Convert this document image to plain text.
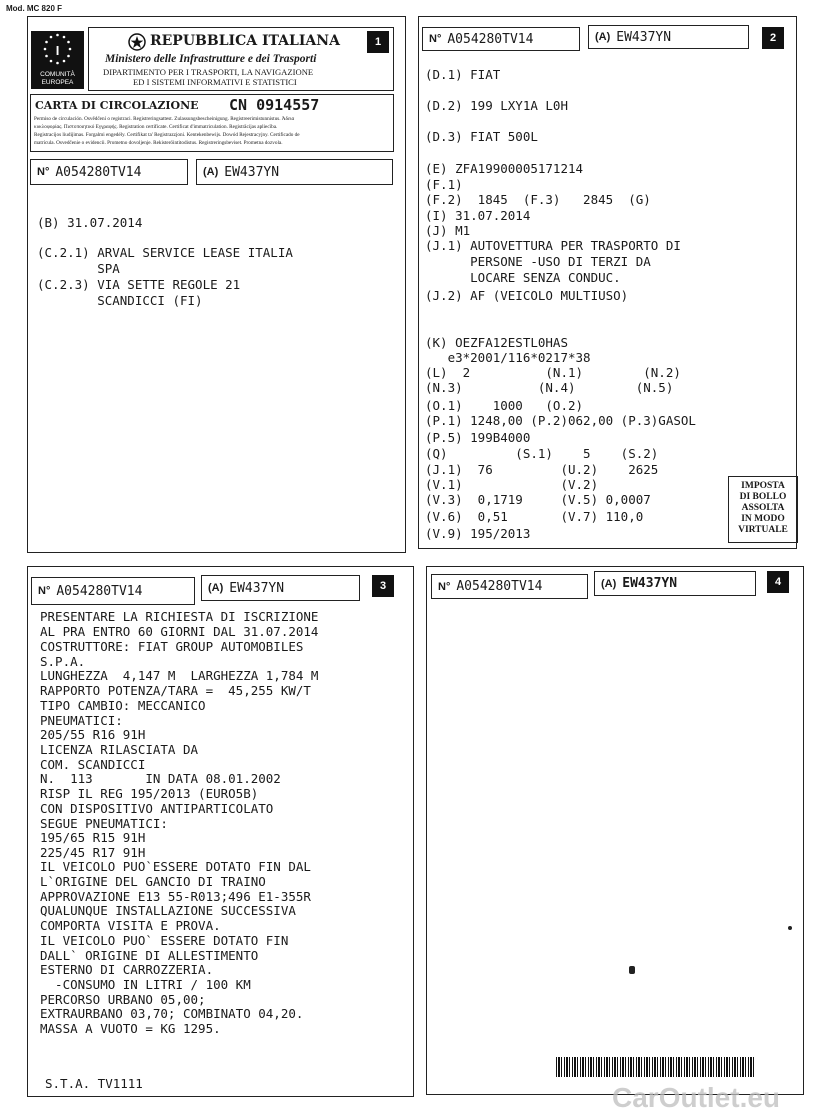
Mod. MC 820 F
I
COMUNITÀ
EUROPEA
REPUBBLICA ITALIANA
Ministero delle Infrastrutture e dei Trasporti
DIPARTIMENTO PER I TRASPORTI, LA NAVIGAZIONE
ED I SISTEMI INFORMATIVI E STATISTICI
1
CARTA DI CIRCOLAZIONE CN 0914557
Permiso de circulación. Osvědčení o registraci. Registreringsattest. Zulassungsbescheinigung. Registreerimistunnistus. Άδεια
κυκλοφορίας. Πιστοποιητικό Εγγραφής. Registration certificate. Certificat d'immatriculation. Registrācijas apliecība.
Registracijos liudijimas. Forgalmi engedély. Certifikat ta' Registrazzjoni. Kentekenbewijs. Dowód Rejestracyjny. Certificado de
matrícula. Osvedčenie o evidencii. Prometno dovoljenje. Rekisteröintitodistus. Registreringsbeviset. Prometna dozvola.
N° A054280TV14	(A) EW437YN
(B) 31.07.2014
(C.2.1) ARVAL SERVICE LEASE ITALIA
SPA
(C.2.3) VIA SETTE REGOLE 21
SCANDICCI (FI)
N° A054280TV14	(A) EW437YN	2
(D.1) FIAT
(D.2) 199 LXY1A L0H
(D.3) FIAT 500L
(E) ZFA19900005171214
(F.1)
(F.2)  1845  (F.3)   2845  (G)
(I) 31.07.2014
(J) M1
(J.1) AUTOVETTURA PER TRASPORTO DI
PERSONE -USO DI TERZI DA
LOCARE SENZA CONDUC.
(J.2) AF (VEICOLO MULTIUSO)
(K) OEZFA12ESTL0HAS
e3*2001/116*0217*38
(L)  2          (N.1)        (N.2)
(N.3)          (N.4)        (N.5)
(O.1)    1000   (O.2)
(P.1) 1248,00 (P.2)062,00 (P.3)GASOL
(P.5) 199B4000
(Q)         (S.1)    5    (S.2)
(J.1)  76         (U.2)    2625
(V.1)             (V.2)
(V.3)  0,1719     (V.5) 0,0007
(V.6)  0,51       (V.7) 110,0
(V.9) 195/2013
IMPOSTA
DI BOLLO
ASSOLTA
IN MODO
VIRTUALE
N° A054280TV14	(A) EW437YN	3
PRESENTARE LA RICHIESTA DI ISCRIZIONE
AL PRA ENTRO 60 GIORNI DAL 31.07.2014
COSTRUTTORE: FIAT GROUP AUTOMOBILES
S.P.A.
LUNGHEZZA  4,147 M  LARGHEZZA 1,784 M
RAPPORTO POTENZA/TARA =  45,255 KW/T
TIPO CAMBIO: MECCANICO
PNEUMATICI:
205/55 R16 91H
LICENZA RILASCIATA DA
COM. SCANDICCI
N.  113       IN DATA 08.01.2002
RISP IL REG 195/2013 (EURO5B)
CON DISPOSITIVO ANTIPARTICOLATO
SEGUE PNEUMATICI:
195/65 R15 91H
225/45 R17 91H
IL VEICOLO PUO`ESSERE DOTATO FIN DAL
L`ORIGINE DEL GANCIO DI TRAINO
APPROVAZIONE E13 55-R013;496 E1-355R
QUALUNQUE INSTALLAZIONE SUCCESSIVA
COMPORTA VISITA E PROVA.
IL VEICOLO PUO` ESSERE DOTATO FIN
DALL` ORIGINE DI ALLESTIMENTO
ESTERNO DI CARROZZERIA.
-CONSUMO IN LITRI / 100 KM
PERCORSO URBANO 05,00;
EXTRAURBANO 03,70; COMBINATO 04,20.
MASSA A VUOTO = KG 1295.
S.T.A. TV1111
N° A054280TV14	(A) EW437YN	4
CarOutlet.eu
